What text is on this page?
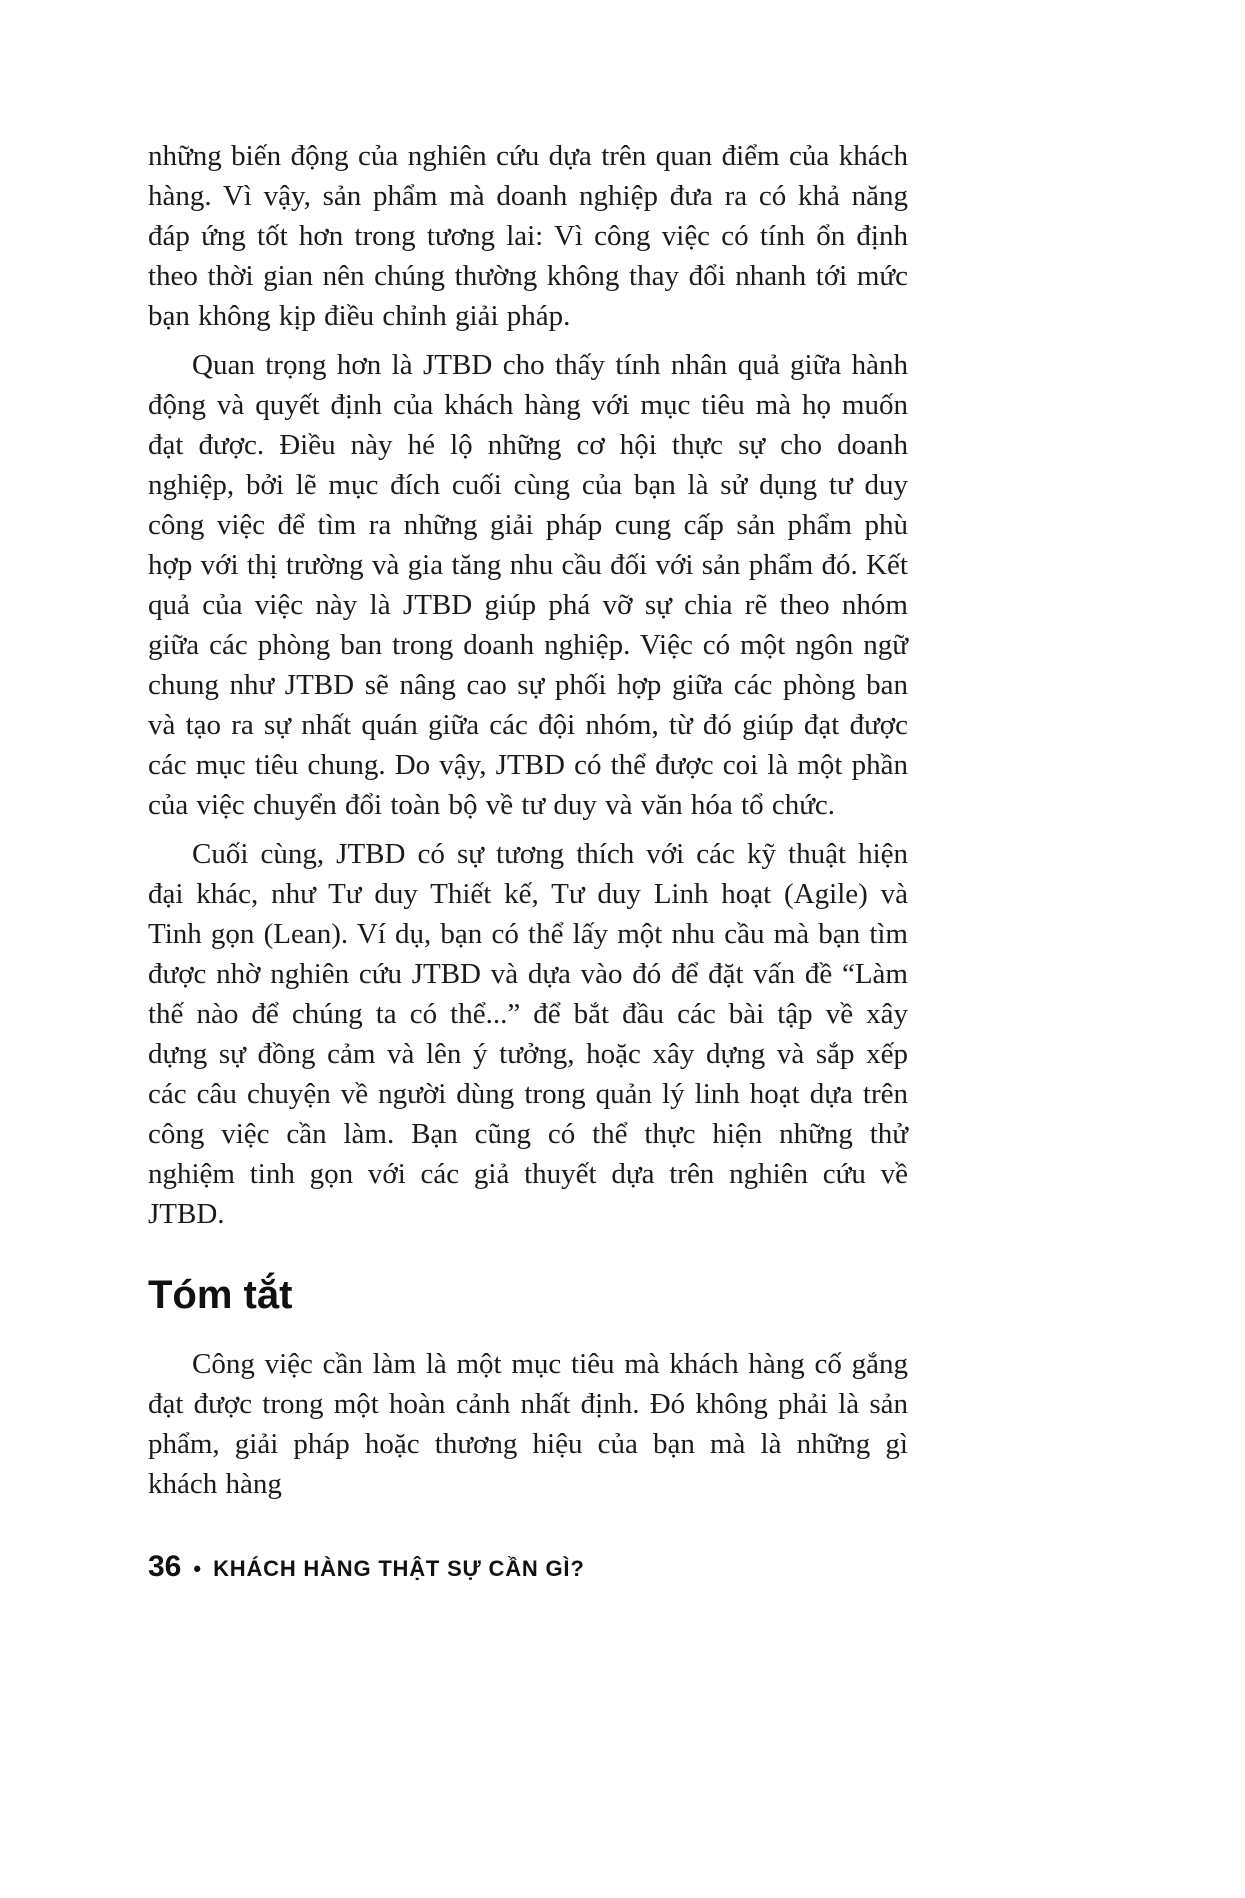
những biến động của nghiên cứu dựa trên quan điểm của khách hàng. Vì vậy, sản phẩm mà doanh nghiệp đưa ra có khả năng đáp ứng tốt hơn trong tương lai: Vì công việc có tính ổn định theo thời gian nên chúng thường không thay đổi nhanh tới mức bạn không kịp điều chỉnh giải pháp.

Quan trọng hơn là JTBD cho thấy tính nhân quả giữa hành động và quyết định của khách hàng với mục tiêu mà họ muốn đạt được. Điều này hé lộ những cơ hội thực sự cho doanh nghiệp, bởi lẽ mục đích cuối cùng của bạn là sử dụng tư duy công việc để tìm ra những giải pháp cung cấp sản phẩm phù hợp với thị trường và gia tăng nhu cầu đối với sản phẩm đó. Kết quả của việc này là JTBD giúp phá vỡ sự chia rẽ theo nhóm giữa các phòng ban trong doanh nghiệp. Việc có một ngôn ngữ chung như JTBD sẽ nâng cao sự phối hợp giữa các phòng ban và tạo ra sự nhất quán giữa các đội nhóm, từ đó giúp đạt được các mục tiêu chung. Do vậy, JTBD có thể được coi là một phần của việc chuyển đổi toàn bộ về tư duy và văn hóa tổ chức.

Cuối cùng, JTBD có sự tương thích với các kỹ thuật hiện đại khác, như Tư duy Thiết kế, Tư duy Linh hoạt (Agile) và Tinh gọn (Lean). Ví dụ, bạn có thể lấy một nhu cầu mà bạn tìm được nhờ nghiên cứu JTBD và dựa vào đó để đặt vấn đề “Làm thế nào để chúng ta có thể...” để bắt đầu các bài tập về xây dựng sự đồng cảm và lên ý tưởng, hoặc xây dựng và sắp xếp các câu chuyện về người dùng trong quản lý linh hoạt dựa trên công việc cần làm. Bạn cũng có thể thực hiện những thử nghiệm tinh gọn với các giả thuyết dựa trên nghiên cứu về JTBD.

Tóm tắt

Công việc cần làm là một mục tiêu mà khách hàng cố gắng đạt được trong một hoàn cảnh nhất định. Đó không phải là sản phẩm, giải pháp hoặc thương hiệu của bạn mà là những gì khách hàng

36 • KHÁCH HÀNG THẬT SỰ CẦN GÌ?
